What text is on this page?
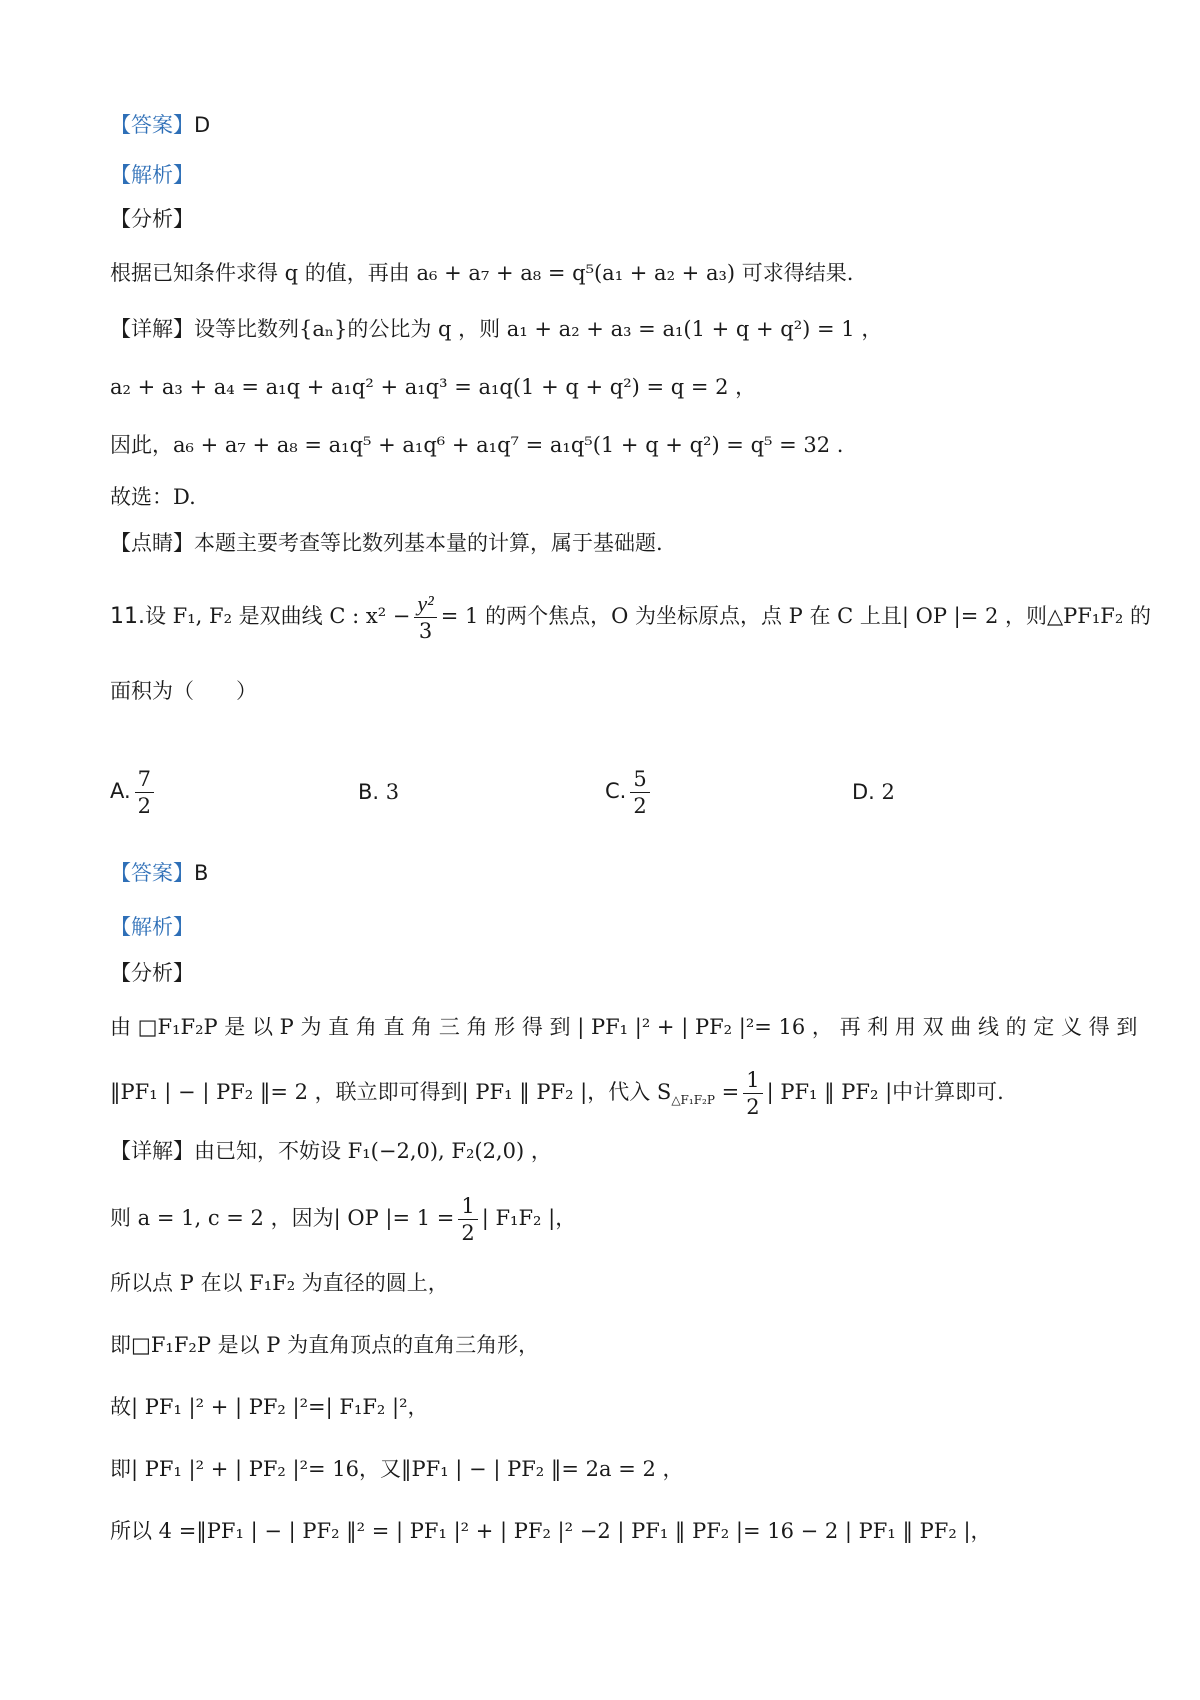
【答案】D
【解析】
【分析】
根据已知条件求得 q 的值，再由 a₆ + a₇ + a₈ = q⁵(a₁ + a₂ + a₃) 可求得结果.
【详解】设等比数列{aₙ}的公比为 q ，则 a₁ + a₂ + a₃ = a₁(1 + q + q²) = 1 ，
a₂ + a₃ + a₄ = a₁q + a₁q² + a₁q³ = a₁q(1 + q + q²) = q = 2 ，
因此，a₆ + a₇ + a₈ = a₁q⁵ + a₁q⁶ + a₁q⁷ = a₁q⁵(1 + q + q²) = q⁵ = 32 .
故选：D.
【点睛】本题主要考查等比数列基本量的计算，属于基础题.
11.设 F₁, F₂ 是双曲线 C : $x^2 - \frac{\text{y²}}{3} = 1$ 的两个焦点，O 为坐标原点，点 P 在 C 上且| OP |= 2 ，则△PF₁F₂ 的
面积为（　　）
A. $\frac{7}{2}$	B. 3	C. $\frac{5}{2}$	D. 2
【答案】B
【解析】
【分析】
由 □F₁F₂P 是 以 P 为 直 角 直 角 三 角 形 得 到 | PF₁ |² + | PF₂ |²= 16 ， 再 利 用 双 曲 线 的 定 义 得 到
‖PF₁ | − | PF₂ ‖= 2 ，联立即可得到| PF₁ ‖ PF₂ |，代入 $S_{\triangle F_1F_2P} = \frac{1}{2}$ | PF₁ ‖ PF₂ |中计算即可.
【详解】由已知，不妨设 F₁(−2,0), F₂(2,0) ，
则 a = 1, c = 2 ，因为| OP |= $1 = \frac{1}{2}$ | F₁F₂ |，
所以点 P 在以 F₁F₂ 为直径的圆上，
即□F₁F₂P 是以 P 为直角顶点的直角三角形，
故| PF₁ |² + | PF₂ |²=| F₁F₂ |²，
即| PF₁ |² + | PF₂ |²= 16，又‖PF₁ | − | PF₂ ‖= 2a = 2 ，
所以 4 =‖PF₁ | − | PF₂ ‖² = | PF₁ |² + | PF₂ |² −2 | PF₁ ‖ PF₂ |= 16 − 2 | PF₁ ‖ PF₂ |，
